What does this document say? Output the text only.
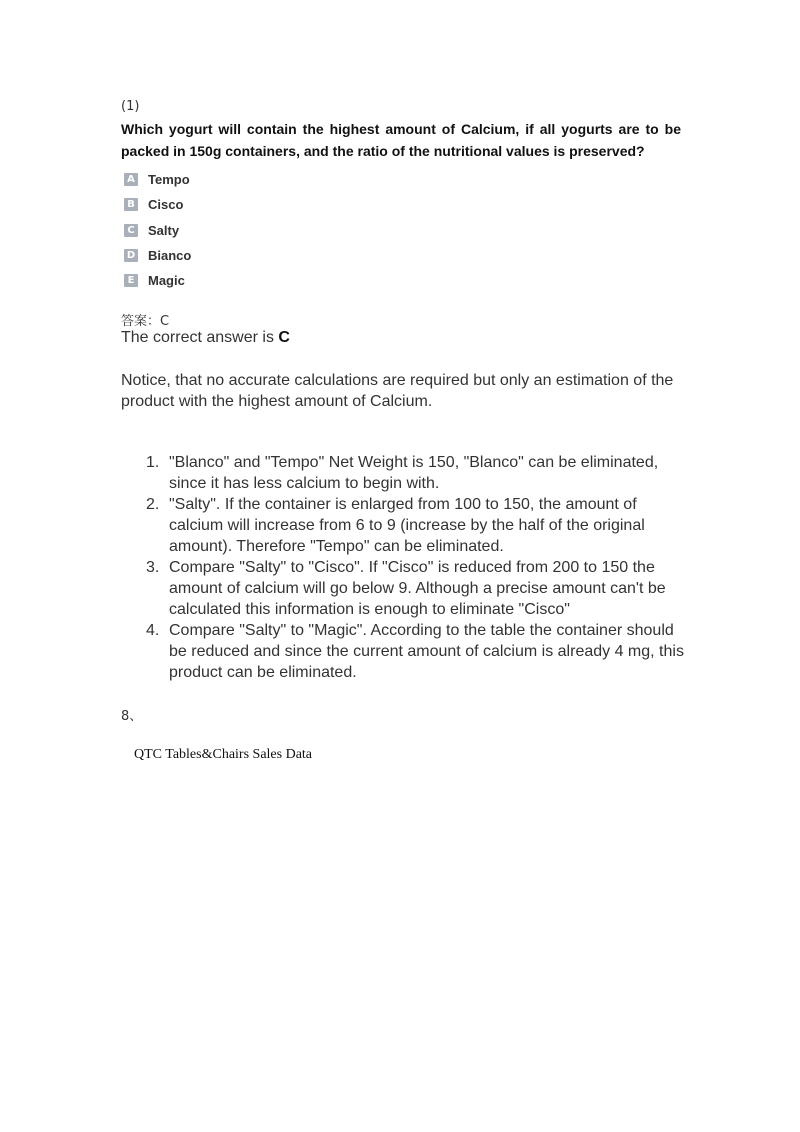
(1)
Which yogurt will contain the highest amount of Calcium, if all yogurts are to be packed in 150g containers, and the ratio of the nutritional values is preserved?
A Tempo
B Cisco
C Salty
D Bianco
E Magic
答案：C
The correct answer is C
Notice, that no accurate calculations are required but only an estimation of the product with the highest amount of Calcium.
1. "Blanco" and "Tempo" Net Weight is 150, "Blanco" can be eliminated, since it has less calcium to begin with.
2. "Salty". If the container is enlarged from 100 to 150, the amount of calcium will increase from 6 to 9 (increase by the half of the original amount). Therefore "Tempo" can be eliminated.
3. Compare "Salty" to "Cisco". If "Cisco" is reduced from 200 to 150 the amount of calcium will go below 9. Although a precise amount can't be calculated this information is enough to eliminate "Cisco"
4. Compare "Salty" to "Magic". According to the table the container should be reduced and since the current amount of calcium is already 4 mg, this product can be eliminated.
8、
QTC Tables&Chairs Sales Data
